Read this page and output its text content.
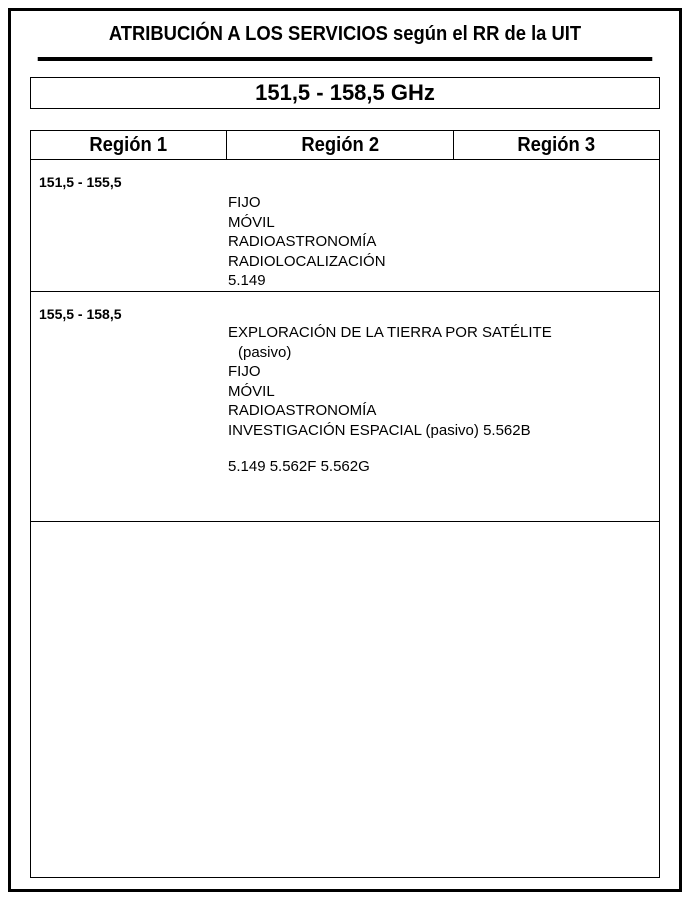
ATRIBUCIÓN A LOS SERVICIOS según el RR de la UIT
151,5 - 158,5 GHz
Región 1	Región 2	Región 3
151,5 - 155,5
FIJO
MÓVIL
RADIOASTRONOMÍA
RADIOLOCALIZACIÓN
5.149
155,5 - 158,5
EXPLORACIÓN DE LA TIERRA POR SATÉLITE
(pasivo)
FIJO
MÓVIL
RADIOASTRONOMÍA
INVESTIGACIÓN ESPACIAL (pasivo) 5.562B
5.149 5.562F 5.562G
